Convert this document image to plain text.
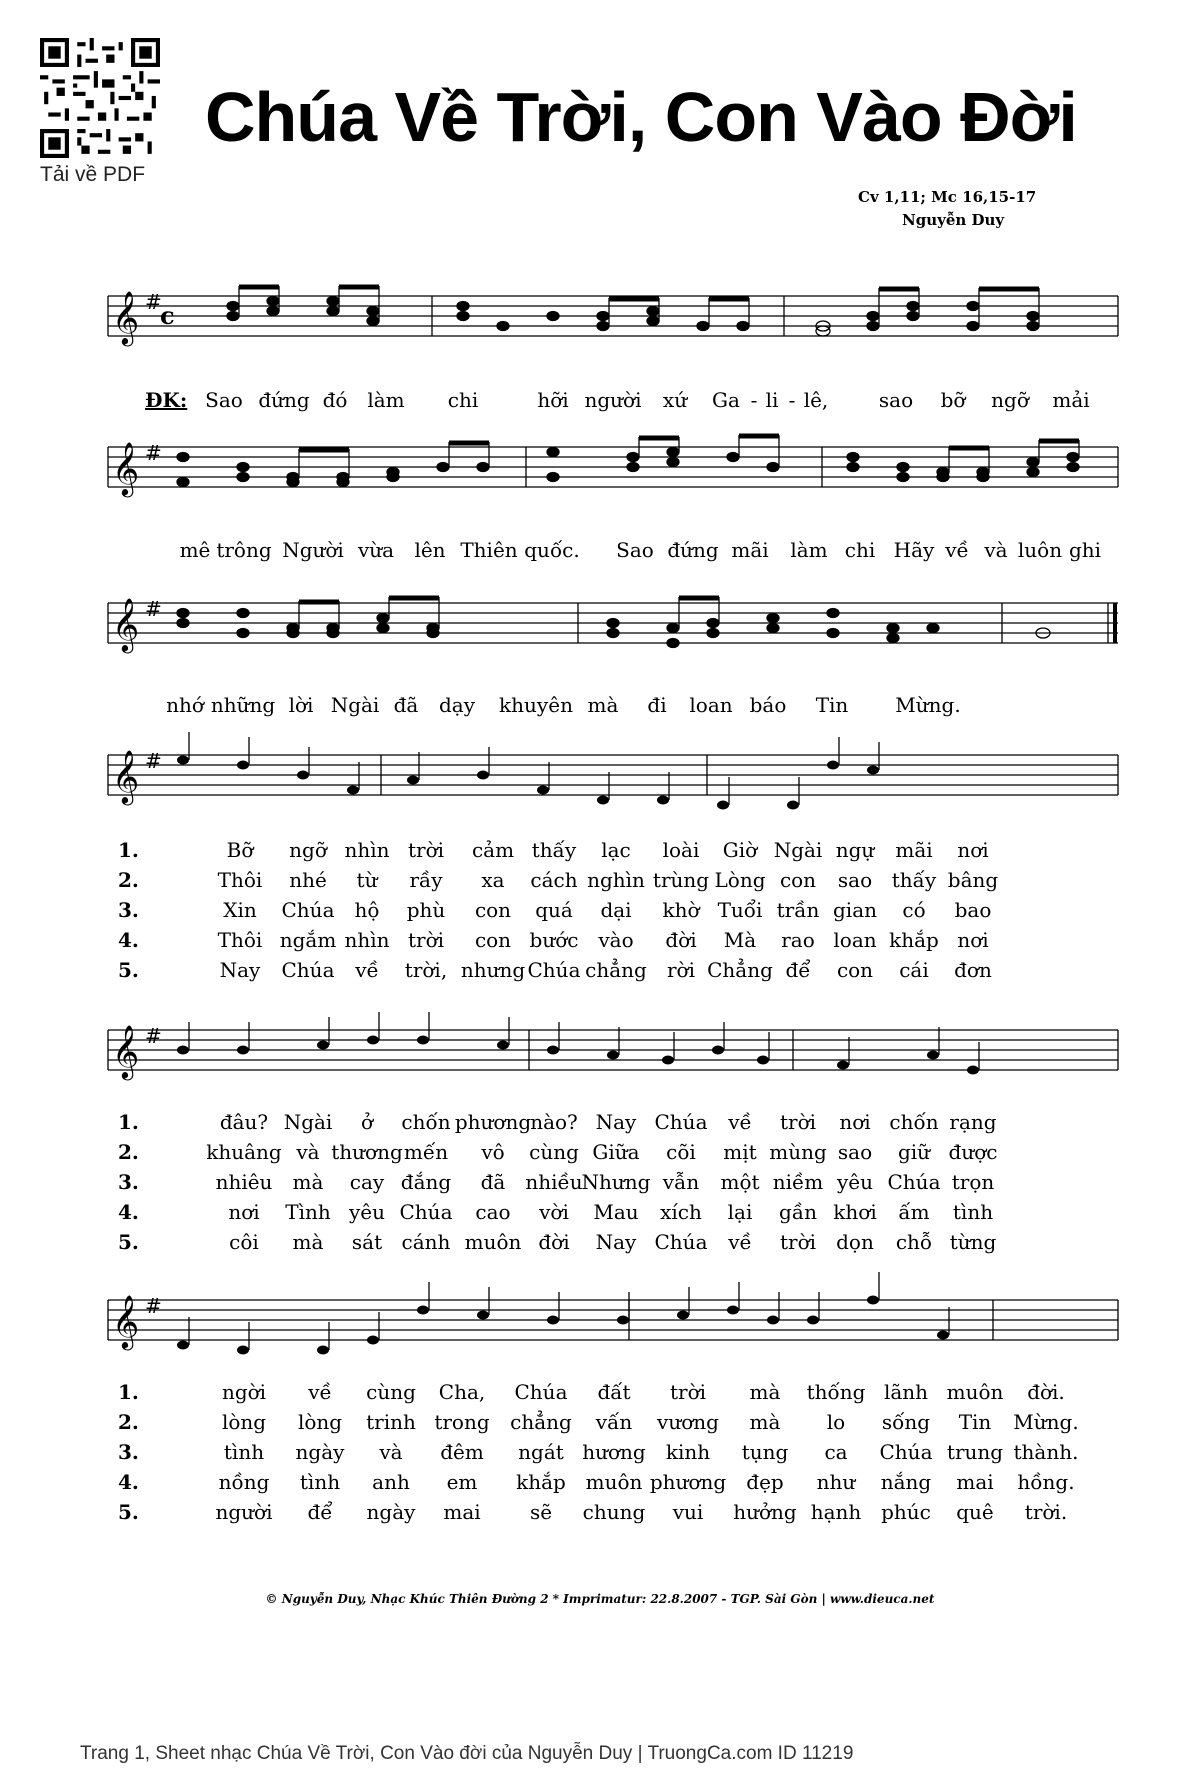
Tải về PDF
Chúa Về Trời, Con Vào Đời
Cv 1,11; Mc 16,15-17
Nguyễn Duy
𝄞 #
c
ĐK: Sao đứng đó làm chi	hỡi người xứ Ga - li - lê,	sao bỡ ngỡ mải
𝄞 #
mê trông Người vừa lên Thiên quốc. Sao đứng mãi làm chi Hãy về và luôn ghi
𝄞 #
nhớ những lời Ngài đã dạy khuyên mà đi loan báo Tin Mừng.
𝄞 #
1.	Bỡ ngỡ nhìn trời cảm thấy lạc loài Giờ Ngài ngự mãi nơi
2.	Thôi nhé từ rầy xa cách nghìn trùng Lòng con sao thấy bâng
3.	Xin Chúa hộ phù con quá dại khờ Tuổi trần gian có bao
4.	Thôi ngắm nhìn trời con bước vào đời Mà rao loan khắp nơi
5.	Nay Chúa về trời, nhưng Chúa chẳng rời Chẳng để con cái đơn
𝄞 #
1.	đâu? Ngài ở chốn phương nào? Nay Chúa về trời nơi chốn rạng
2.	khuâng và thương mến vô cùng Giữa cõi mịt mùng sao giữ được
3.	nhiêu mà cay đắng đã nhiều
Nhưng vẫn một niềm yêu Chúa trọn
4.	nơi Tình yêu Chúa cao vời Mau xích lại gần khơi ấm tình
5.	côi mà sát cánh muôn đời Nay Chúa về trời dọn chỗ từng
𝄞 #
1.	ngời về cùng Cha, Chúa đất trời mà thống lãnh muôn đời.
2.	lòng lòng trinh trong chẳng vấn vương mà lo sống Tin Mừng.
3.	tình ngày và đêm ngát hương kinh tụng ca Chúa trung thành.
4.	nồng tình anh em khắp muôn phương đẹp như nắng mai hồng.
5.	người để ngày mai sẽ chung vui hưởng hạnh phúc quê trời.
© Nguyễn Duy, Nhạc Khúc Thiên Đường 2 * Imprimatur: 22.8.2007 - TGP. Sài Gòn | www.dieuca.net
Trang 1, Sheet nhạc Chúa Về Trời, Con Vào đời của Nguyễn Duy | TruongCa.com ID 11219
